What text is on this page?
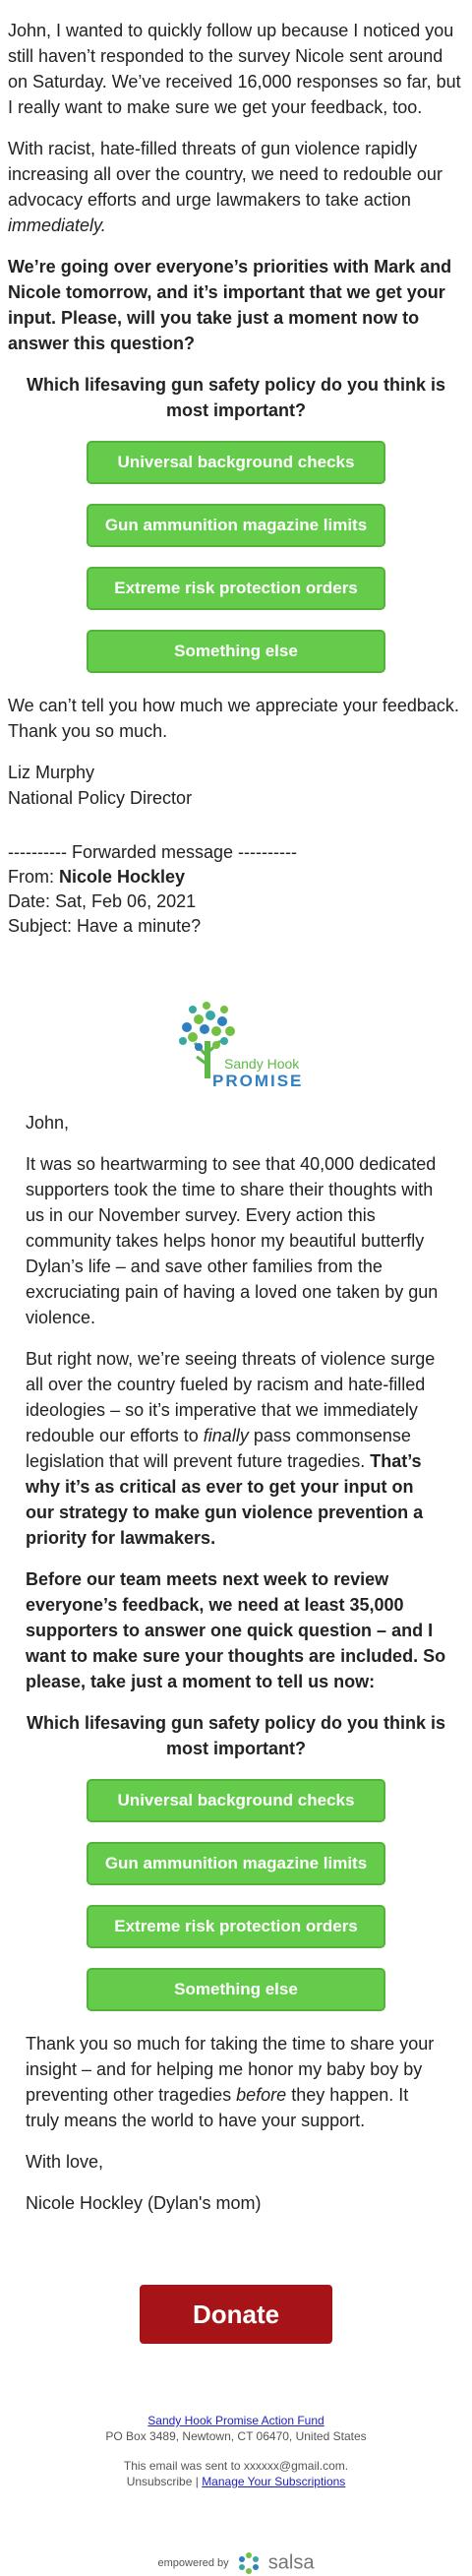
John, I wanted to quickly follow up because I noticed you still haven’t responded to the survey Nicole sent around on Saturday. We’ve received 16,000 responses so far, but I really want to make sure we get your feedback, too.

With racist, hate-filled threats of gun violence rapidly increasing all over the country, we need to redouble our advocacy efforts and urge lawmakers to take action immediately.

We’re going over everyone’s priorities with Mark and Nicole tomorrow, and it’s important that we get your input. Please, will you take just a moment now to answer this question?

Which lifesaving gun safety policy do you think is most important?
Universal background checks
Gun ammunition magazine limits
Extreme risk protection orders
Something else

We can’t tell you how much we appreciate your feedback. Thank you so much.

Liz Murphy
National Policy Director
---------- Forwarded message ----------
From: Nicole Hockley
Date: Sat, Feb 06, 2021
Subject: Have a minute?
Sandy Hook
PROMISE

John,

It was so heartwarming to see that 40,000 dedicated supporters took the time to share their thoughts with us in our November survey. Every action this community takes helps honor my beautiful butterfly Dylan’s life – and save other families from the excruciating pain of having a loved one taken by gun violence.

But right now, we’re seeing threats of violence surge all over the country fueled by racism and hate-filled ideologies – so it’s imperative that we immediately redouble our efforts to finally pass commonsense legislation that will prevent future tragedies. That’s why it’s as critical as ever to get your input on our strategy to make gun violence prevention a priority for lawmakers.

Before our team meets next week to review everyone’s feedback, we need at least 35,000 supporters to answer one quick question – and I want to make sure your thoughts are included. So please, take just a moment to tell us now:

Which lifesaving gun safety policy do you think is most important?
Universal background checks
Gun ammunition magazine limits
Extreme risk protection orders
Something else

Thank you so much for taking the time to share your insight – and for helping me honor my baby boy by preventing other tragedies before they happen. It truly means the world to have your support.

With love,

Nicole Hockley (Dylan's mom)

Donate
Sandy Hook Promise Action Fund
PO Box 3489, Newtown, CT 06470, United States
This email was sent to xxxxxx@gmail.com.
Unsubscribe | Manage Your Subscriptions
empowered by salsa
